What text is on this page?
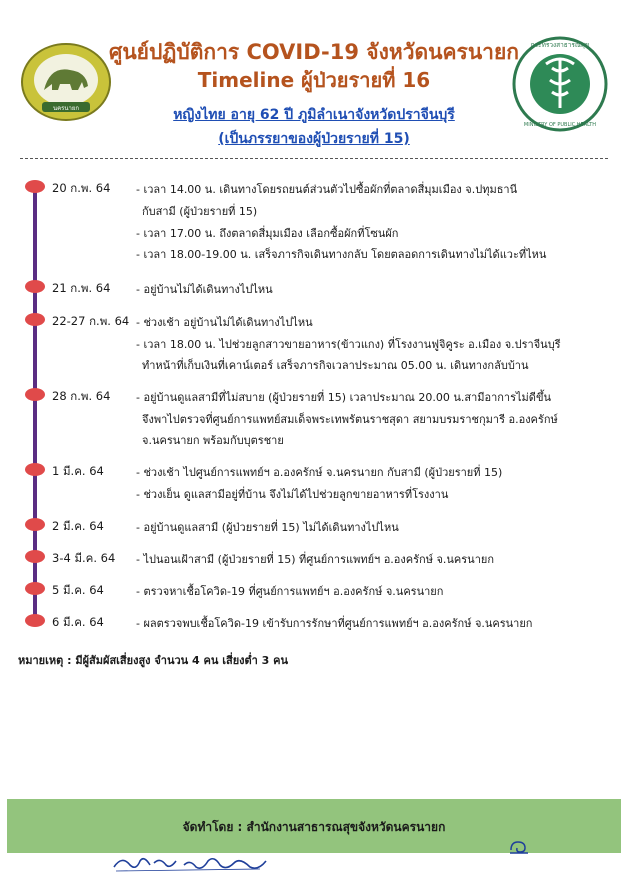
นครนายก
กระทรวงสาธารณสุข
MINISTRY OF PUBLIC HEALTH
ศูนย์ปฏิบัติการ COVID-19 จังหวัดนครนายก
Timeline ผู้ป่วยรายที่ 16
หญิงไทย อายุ 62 ปี ภูมิลำเนาจังหวัดปราจีนบุรี
(เป็นภรรยาของผู้ป่วยรายที่ 15)
20 ก.พ. 64 - เวลา 14.00 น. เดินทางโดยรถยนต์ส่วนตัวไปซื้อผักที่ตลาดสี่มุมเมือง จ.ปทุมธานี
กับสามี (ผู้ป่วยรายที่ 15)
- เวลา 17.00 น. ถึงตลาดสี่มุมเมือง เลือกซื้อผักที่โซนผัก
- เวลา 18.00-19.00 น. เสร็จภารกิจเดินทางกลับ โดยตลอดการเดินทางไม่ได้แวะที่ไหน
21 ก.พ. 64 - อยู่บ้านไม่ได้เดินทางไปไหน
22-27 ก.พ. 64 - ช่วงเช้า อยู่บ้านไม่ได้เดินทางไปไหน
- เวลา 18.00 น. ไปช่วยลูกสาวขายอาหาร(ข้าวแกง) ที่โรงงานฟูจิคูระ อ.เมือง จ.ปราจีนบุรี
ทำหน้าที่เก็บเงินที่เคาน์เตอร์ เสร็จภารกิจเวลาประมาณ 05.00 น. เดินทางกลับบ้าน
28 ก.พ. 64 - อยู่บ้านดูแลสามีที่ไม่สบาย (ผู้ป่วยรายที่ 15) เวลาประมาณ 20.00 น.สามีอาการไม่ดีขึ้น
จึงพาไปตรวจที่ศูนย์การแพทย์สมเด็จพระเทพรัตนราชสุดา สยามบรมราชกุมารี อ.องครักษ์
จ.นครนายก พร้อมกับบุตรชาย
1 มี.ค. 64	- ช่วงเช้า ไปศูนย์การแพทย์ฯ อ.องครักษ์ จ.นครนายก กับสามี (ผู้ป่วยรายที่ 15)
- ช่วงเย็น ดูแลสามีอยู่ที่บ้าน จึงไม่ได้ไปช่วยลูกขายอาหารที่โรงงาน
2 มี.ค. 64	- อยู่บ้านดูแลสามี (ผู้ป่วยรายที่ 15) ไม่ได้เดินทางไปไหน
3-4 มี.ค. 64 - ไปนอนเฝ้าสามี (ผู้ป่วยรายที่ 15) ที่ศูนย์การแพทย์ฯ อ.องครักษ์ จ.นครนายก
5 มี.ค. 64	- ตรวจหาเชื้อโควิด-19 ที่ศูนย์การแพทย์ฯ อ.องครักษ์ จ.นครนายก
6 มี.ค. 64	- ผลตรวจพบเชื้อโควิด-19 เข้ารับการรักษาที่ศูนย์การแพทย์ฯ อ.องครักษ์ จ.นครนายก
หมายเหตุ : มีผู้สัมผัสเสี่ยงสูง จำนวน 4 คน เสี่ยงต่ำ 3 คน
จัดทำโดย : สำนักงานสาธารณสุขจังหวัดนครนายก
